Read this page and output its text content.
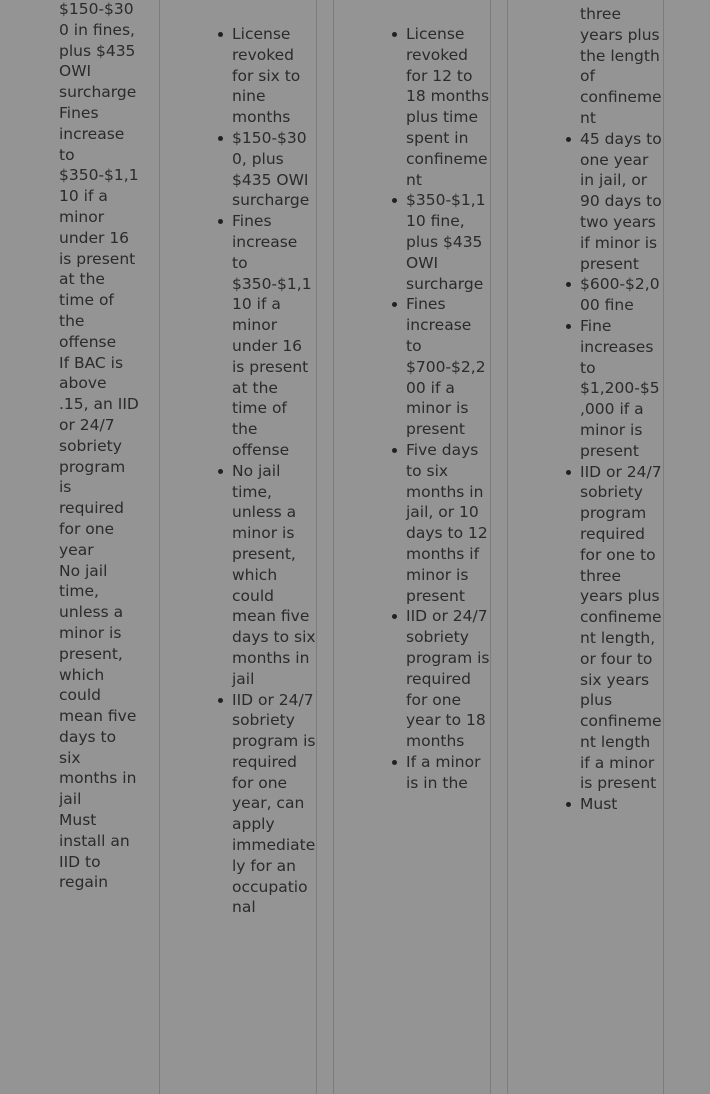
$150-$300 in fines, plus $435 OWI surcharge
Fines increase to $350-$1,110 if a minor under 16 is present at the time of the offense
If BAC is above .15, an IID or 24/7 sobriety program is required for one year
No jail time, unless a minor is present, which could mean five days to six months in jail
Must install an IID to regain
License revoked for six to nine months
$150-$300, plus $435 OWI surcharge
Fines increase to $350-$1,110 if a minor under 16 is present at the time of the offense
No jail time, unless a minor is present, which could mean five days to six months in jail
IID or 24/7 sobriety program is required for one year, can apply immediately for an occupational
License revoked for 12 to 18 months plus time spent in confinement
$350-$1,110 fine, plus $435 OWI surcharge
Fines increase to $700-$2,200 if a minor is present
Five days to six months in jail, or 10 days to 12 months if minor is present
IID or 24/7 sobriety program is required for one year to 18 months
If a minor is in the
three years plus the length of confinement
45 days to one year in jail, or 90 days to two years if minor is present
$600-$2,000 fine
Fine increases to $1,200-$5,000 if a minor is present
IID or 24/7 sobriety program required for one to three years plus confinement length, or four to six years plus confinement length if a minor is present
Must
